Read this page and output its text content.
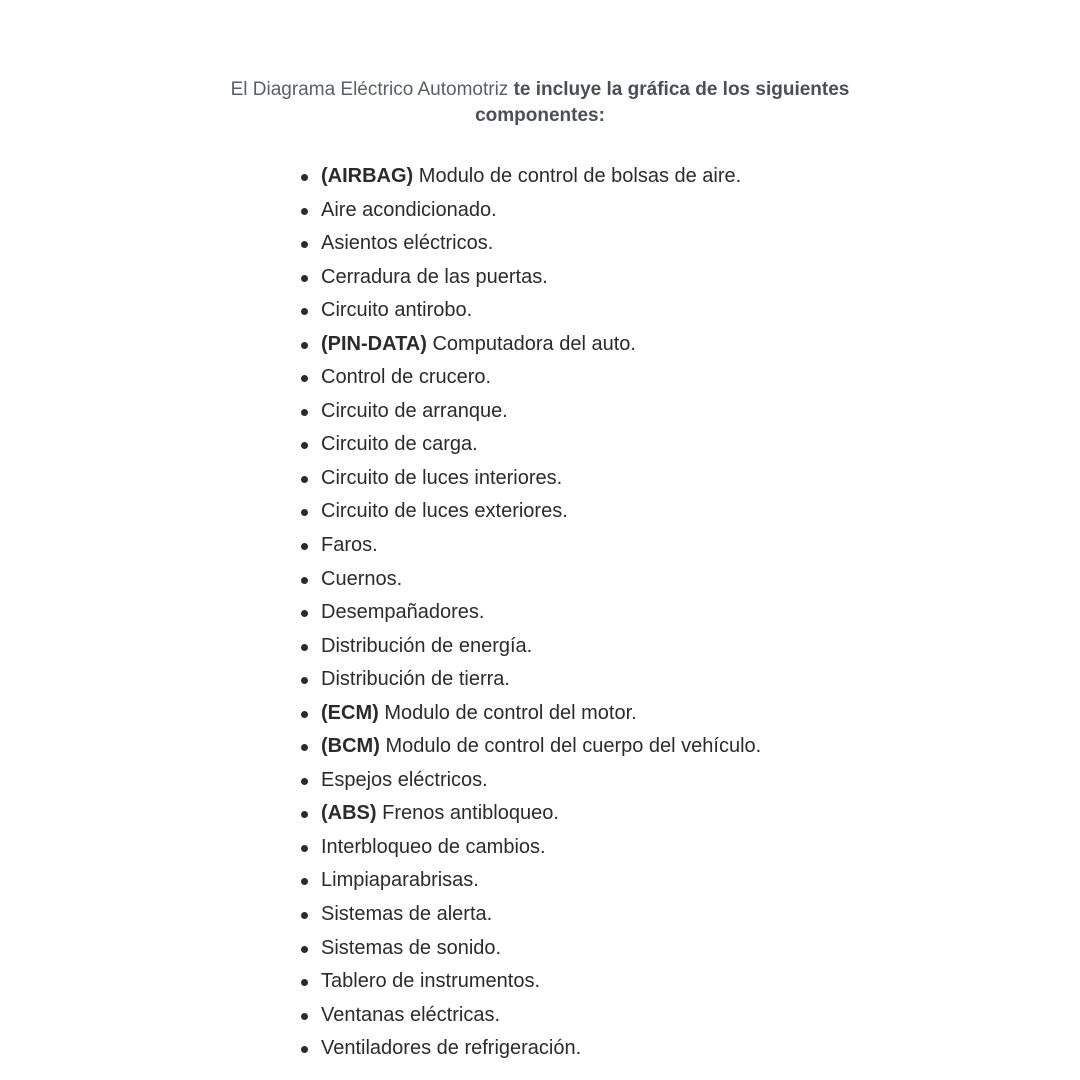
El Diagrama Eléctrico Automotriz te incluye la gráfica de los siguientes componentes:

(AIRBAG) Modulo de control de bolsas de aire.
Aire acondicionado.
Asientos eléctricos.
Cerradura de las puertas.
Circuito antirobo.
(PIN-DATA) Computadora del auto.
Control de crucero.
Circuito de arranque.
Circuito de carga.
Circuito de luces interiores.
Circuito de luces exteriores.
Faros.
Cuernos.
Desempañadores.
Distribución de energía.
Distribución de tierra.
(ECM) Modulo de control del motor.
(BCM) Modulo de control del cuerpo del vehículo.
Espejos eléctricos.
(ABS) Frenos antibloqueo.
Interbloqueo de cambios.
Limpiaparabrisas.
Sistemas de alerta.
Sistemas de sonido.
Tablero de instrumentos.
Ventanas eléctricas.
Ventiladores de refrigeración.
